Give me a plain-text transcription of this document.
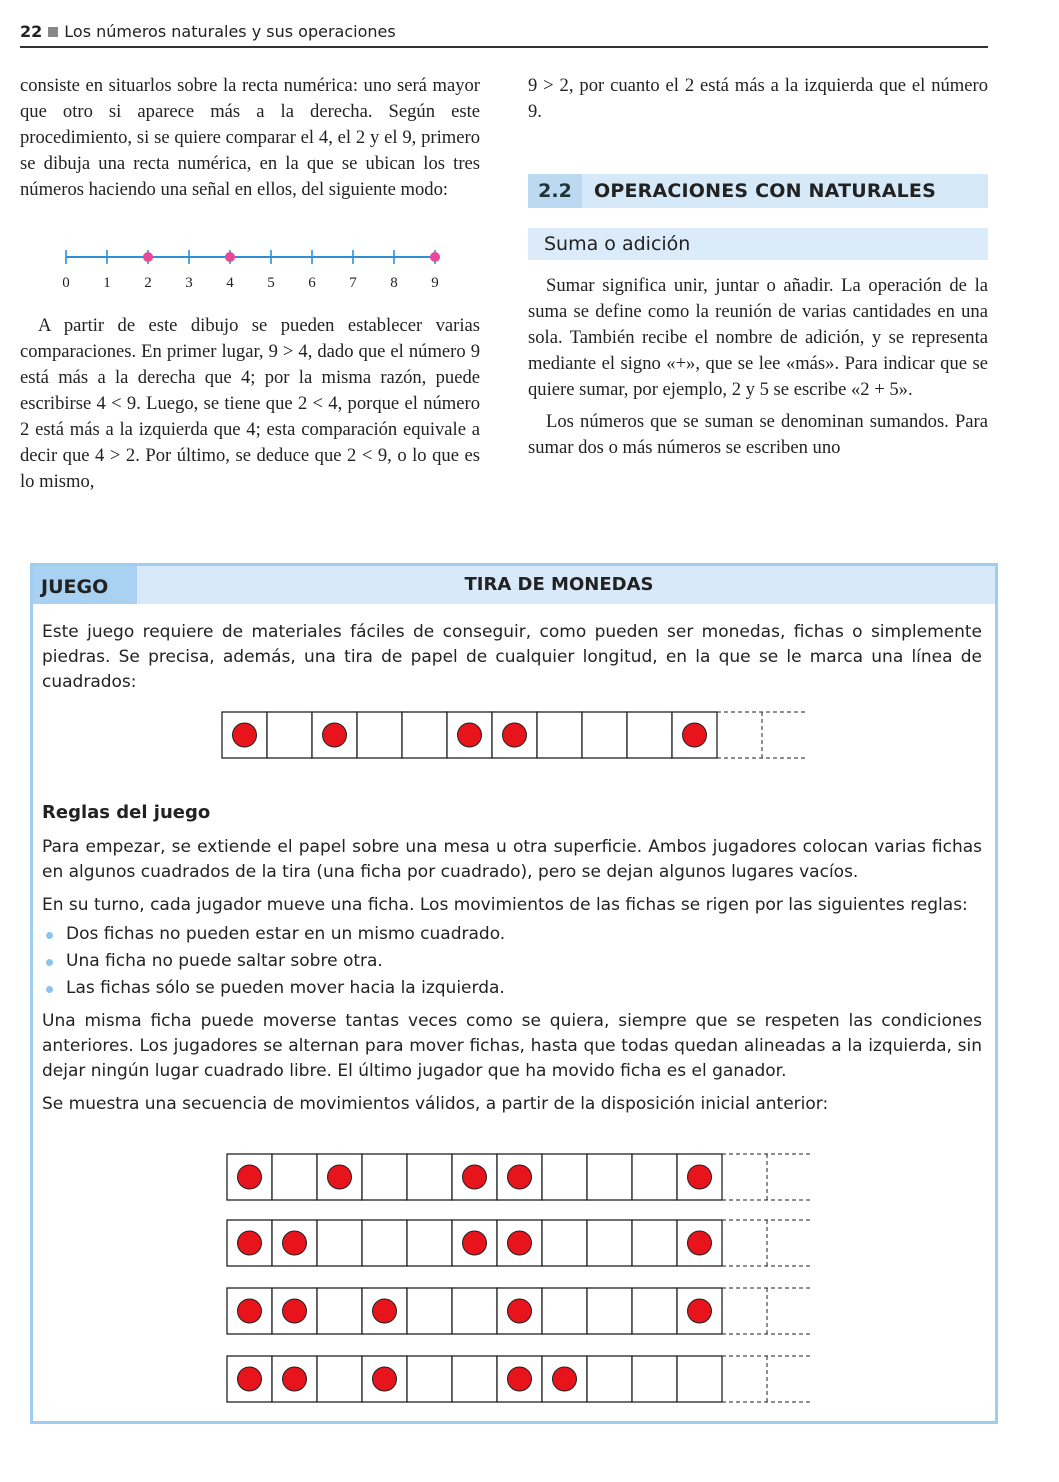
22 Los números naturales y sus operaciones

consiste en situarlos sobre la recta numérica: uno será mayor que otro si aparece más a la derecha. Según este procedimiento, si se quiere comparar el 4, el 2 y el 9, primero se dibuja una recta numérica, en la que se ubican los tres números haciendo una señal en ellos, del siguiente modo:

0 1 2 3 4 5 6 7 8 9

A partir de este dibujo se pueden establecer varias comparaciones. En primer lugar, 9 > 4, dado que el número 9 está más a la derecha que 4; por la misma razón, puede escribirse 4 < 9. Luego, se tiene que 2 < 4, porque el número 2 está más a la izquierda que 4; esta comparación equivale a decir que 4 > 2. Por último, se deduce que 2 < 9, o lo que es lo mismo,

9 > 2, por cuanto el 2 está más a la izquierda que el número 9.

2.2	OPERACIONES CON NATURALES
Suma o adición

Sumar significa unir, juntar o añadir. La operación de la suma se define como la reunión de varias cantidades en una sola. También recibe el nombre de adición, y se representa mediante el signo «+», que se lee «más». Para indicar que se quiere sumar, por ejemplo, 2 y 5 se escribe «2 + 5».

Los números que se suman se denominan sumandos. Para sumar dos o más números se escriben uno

TIRA DE MONEDAS
JUEGO

Este juego requiere de materiales fáciles de conseguir, como pueden ser monedas, fichas o simplemente piedras. Se precisa, además, una tira de papel de cualquier longitud, en la que se le marca una línea de cuadrados:

Reglas del juego

Para empezar, se extiende el papel sobre una mesa u otra superficie. Ambos jugadores colocan varias fichas en algunos cuadrados de la tira (una ficha por cuadrado), pero se dejan algunos lugares vacíos.

En su turno, cada jugador mueve una ficha. Los movimientos de las fichas se rigen por las siguientes reglas:

Dos fichas no pueden estar en un mismo cuadrado.
Una ficha no puede saltar sobre otra.
Las fichas sólo se pueden mover hacia la izquierda.

Una misma ficha puede moverse tantas veces como se quiera, siempre que se respeten las condiciones anteriores. Los jugadores se alternan para mover fichas, hasta que todas quedan alineadas a la izquierda, sin dejar ningún lugar cuadrado libre. El último jugador que ha movido ficha es el ganador.

Se muestra una secuencia de movimientos válidos, a partir de la disposición inicial anterior:
